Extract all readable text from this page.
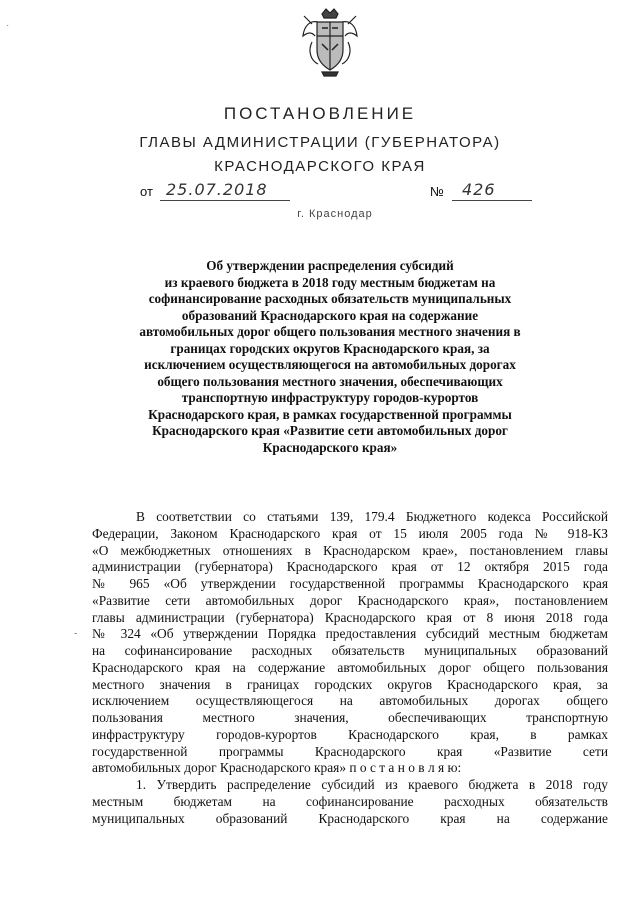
ПОСТАНОВЛЕНИЕ
ГЛАВЫ АДМИНИСТРАЦИИ (ГУБЕРНАТОРА)
КРАСНОДАРСКОГО КРАЯ
от 25.07.2018	№ 426
г. Краснодар
Об утверждении распределения субсидий
из краевого бюджета в 2018 году местным бюджетам на
софинансирование расходных обязательств муниципальных
образований Краснодарского края на содержание
автомобильных дорог общего пользования местного значения в
границах городских округов Краснодарского края, за
исключением осуществляющегося на автомобильных дорогах
общего пользования местного значения, обеспечивающих
транспортную инфраструктуру городов-курортов
Краснодарского края, в рамках государственной программы
Краснодарского края «Развитие сети автомобильных дорог
Краснодарского края»
В соответствии со статьями 139, 179.4 Бюджетного кодекса Российской
Федерации, Законом Краснодарского края от 15 июля 2005 года № 918-КЗ
«О межбюджетных отношениях в Краснодарском крае», постановлением главы
администрации (губернатора) Краснодарского края от 12 октября 2015 года
№ 965 «Об утверждении государственной программы Краснодарского края
«Развитие сети автомобильных дорог Краснодарского края», постановлением
главы администрации (губернатора) Краснодарского края от 8 июня 2018 года
№ 324 «Об утверждении Порядка предоставления субсидий местным бюджетам
на софинансирование расходных обязательств муниципальных образований
Краснодарского края на содержание автомобильных дорог общего пользования
местного значения в границах городских округов Краснодарского края, за
исключением осуществляющегося на автомобильных дорогах общего
пользования местного значения, обеспечивающих транспортную
инфраструктуру городов-курортов Краснодарского края, в рамках
государственной программы Краснодарского края «Развитие сети
автомобильных дорог Краснодарского края» п о с т а н о в л я ю:
1. Утвердить распределение субсидий из краевого бюджета в 2018 году
местным бюджетам на софинансирование расходных обязательств
муниципальных образований Краснодарского края на содержание
˙
-
